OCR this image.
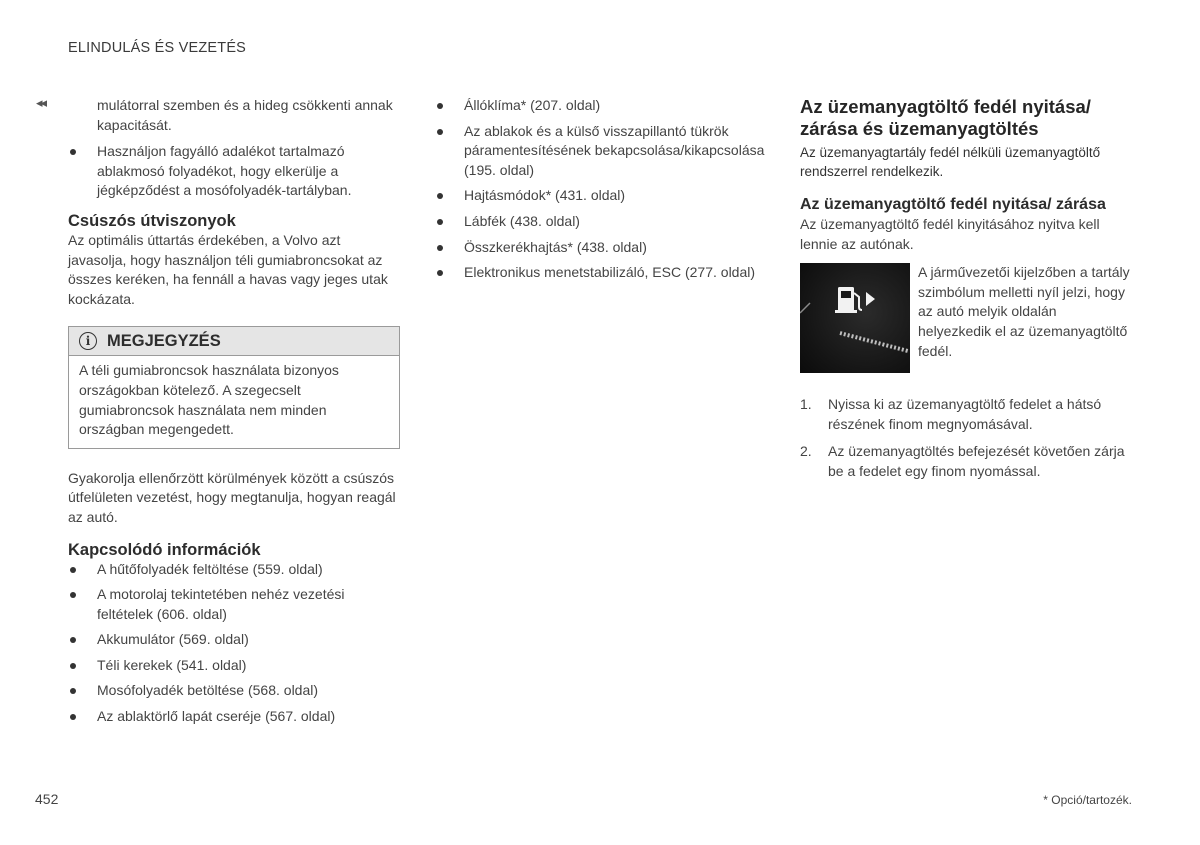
ELINDULÁS ÉS VEZETÉS
◂◂	mulátorral szemben és a hideg csökkenti annak kapacitását.

Használjon fagyálló adalékot tartalmazó ablakmosó folyadékot, hogy elkerülje a jégképződést a mosófolyadék-tartályban.
Csúszós útviszonyok

Az optimális úttartás érdekében, a Volvo azt javasolja, hogy használjon téli gumiabroncsokat az összes keréken, ha fennáll a havas vagy jeges utak kockázata.

i	MEGJEGYZÉS
A téli gumiabroncsok használata bizonyos országokban kötelező. A szegecselt gumiabroncsok használata nem minden országban megengedett.

Gyakorolja ellenőrzött körülmények között a csúszós útfelületen vezetést, hogy megtanulja, hogyan reagál az autó.

Kapcsolódó információk
A hűtőfolyadék feltöltése (559. oldal)
A motorolaj tekintetében nehéz vezetési feltételek (606. oldal)
Akkumulátor (569. oldal)
Téli kerekek (541. oldal)
Mosófolyadék betöltése (568. oldal)
Az ablaktörlő lapát cseréje (567. oldal)
Állóklíma* (207. oldal)
Az ablakok és a külső visszapillantó tükrök páramentesítésének bekapcsolása/kikapcsolása (195. oldal)
Hajtásmódok* (431. oldal)
Lábfék (438. oldal)
Összkerékhajtás* (438. oldal)
Elektronikus menetstabilizáló, ESC (277. oldal)
Az üzemanyagtöltő fedél nyitása/ zárása és üzemanyagtöltés

Az üzemanyagtartály fedél nélküli üzemanyagtöltő rendszerrel rendelkezik.

Az üzemanyagtöltő fedél nyitása/ zárása

Az üzemanyagtöltő fedél kinyitásához nyitva kell lennie az autónak.

A járművezetői kijelzőben a tartály szimbólum melletti nyíl jelzi, hogy az autó melyik oldalán helyezkedik el az üzemanyagtöltő fedél.
1. Nyissa ki az üzemanyagtöltő fedelet a hátsó részének finom megnyomásával.
2. Az üzemanyagtöltés befejezését követően zárja be a fedelet egy finom nyomással.
452	* Opció/tartozék.
